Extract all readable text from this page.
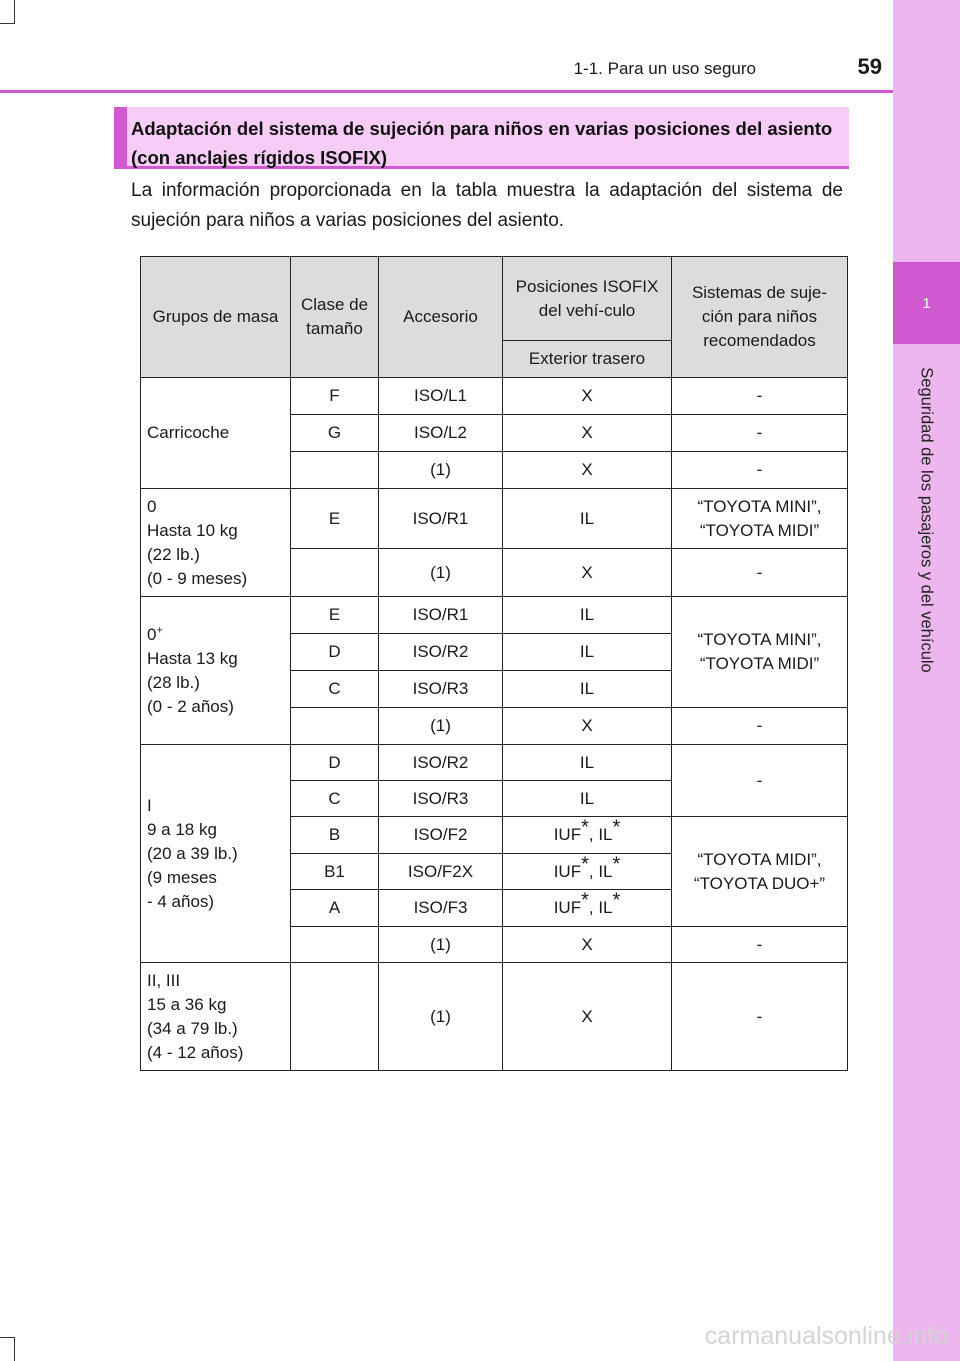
1
Seguridad de los pasajeros y del vehículo
1-1. Para un uso seguro	59
Adaptación del sistema de sujeción para niños en varias posiciones del asiento (con anclajes rígidos ISOFIX)
La información proporcionada en la tabla muestra la adaptación del sistema de sujeción para niños a varias posiciones del asiento.
Grupos de masa	Clase de tamaño	Accesorio	Posiciones ISOFIX del vehí-culo	Sistemas de suje-ción para niños recomendados
			Exterior trasero	
Carricoche	F	ISO/L1	X	-
	G	ISO/L2	X	-
		(1)	X	-

0
Hasta 10 kg
(22 lb.)
(0 - 9 meses)	E	ISO/R1	IL	“TOYOTA MINI”, “TOYOTA MIDI”
		(1)	X	-

0+
Hasta 13 kg
(28 lb.)
(0 - 2 años)	E	ISO/R1	IL	“TOYOTA MINI”, “TOYOTA MIDI”
	D	ISO/R2	IL	
	C	ISO/R3	IL	
		(1)	X	-

I
9 a 18 kg
(20 a 39 lb.)
(9 meses
- 4 años)	D	ISO/R2	IL	-
	C	ISO/R3	IL	
	B	ISO/F2	IUF*, IL*	“TOYOTA MIDI”, “TOYOTA DUO+”
	B1	ISO/F2X	IUF*, IL*	
	A	ISO/F3	IUF*, IL*	
		(1)	X	-

II, III
15 a 36 kg
(34 a 79 lb.)
(4 - 12 años)		(1)	X	-
carmanualsonline.info
